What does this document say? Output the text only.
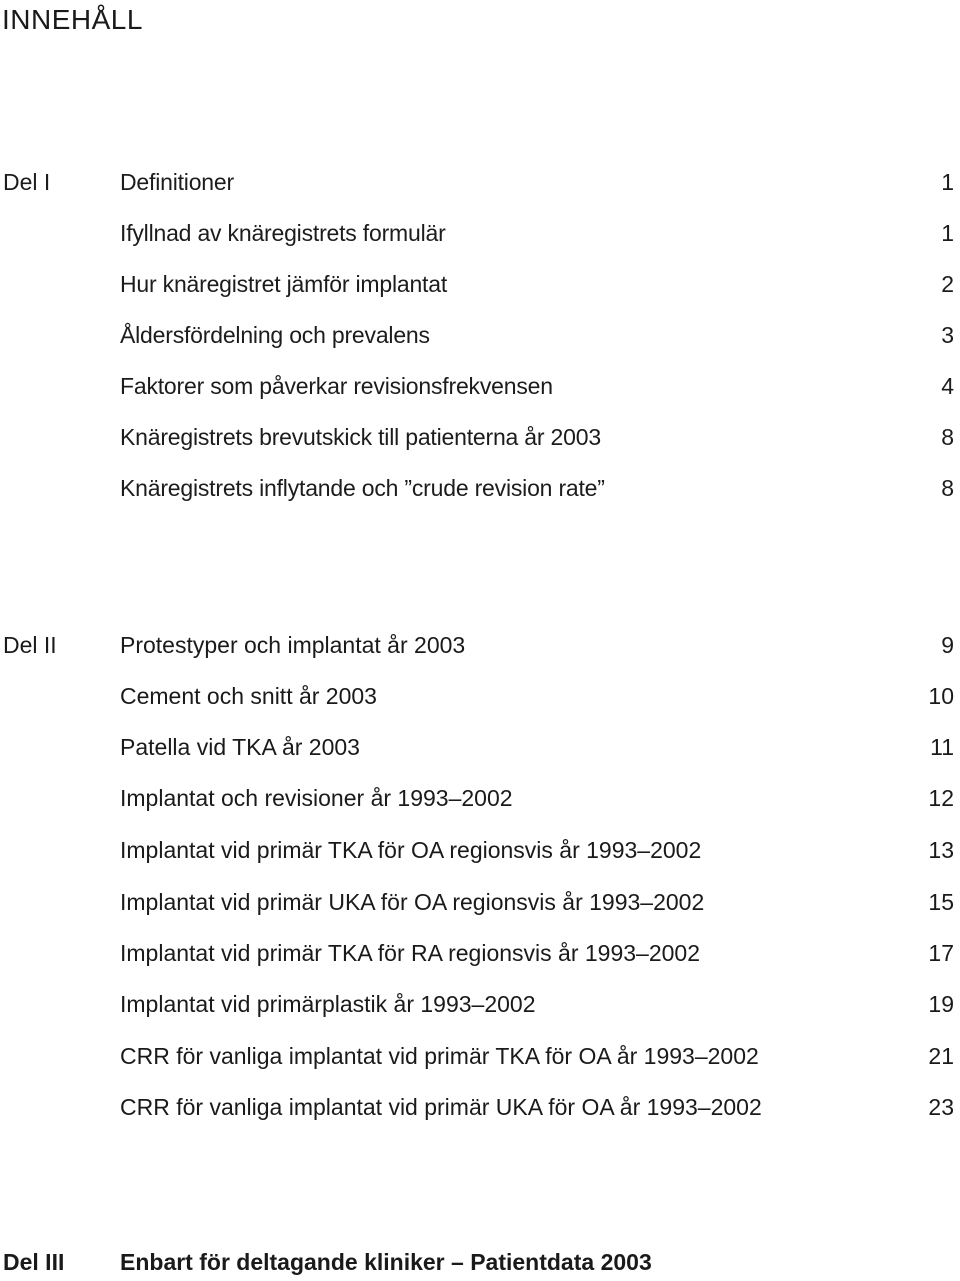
INNEHÅLL
Del I	Definitioner	1
Ifyllnad av knäregistrets formulär	1
Hur knäregistret jämför implantat	2
Åldersfördelning och prevalens	3
Faktorer som påverkar revisionsfrekvensen	4
Knäregistrets brevutskick till patienterna år 2003	8
Knäregistrets inflytande och ”crude revision rate”	8
Del II	Protestyper och implantat år 2003	9
Cement och snitt år 2003	10
Patella vid TKA år 2003	11
Implantat och revisioner år 1993–2002	12
Implantat vid primär TKA för OA regionsvis år 1993–2002	13
Implantat vid primär UKA för OA regionsvis år 1993–2002	15
Implantat vid primär TKA för RA regionsvis år 1993–2002	17
Implantat vid primärplastik år 1993–2002	19
CRR för vanliga implantat vid primär TKA för OA år 1993–2002	21
CRR för vanliga implantat vid primär UKA för OA år 1993–2002	23
Del III Enbart för deltagande kliniker – Patientdata 2003
